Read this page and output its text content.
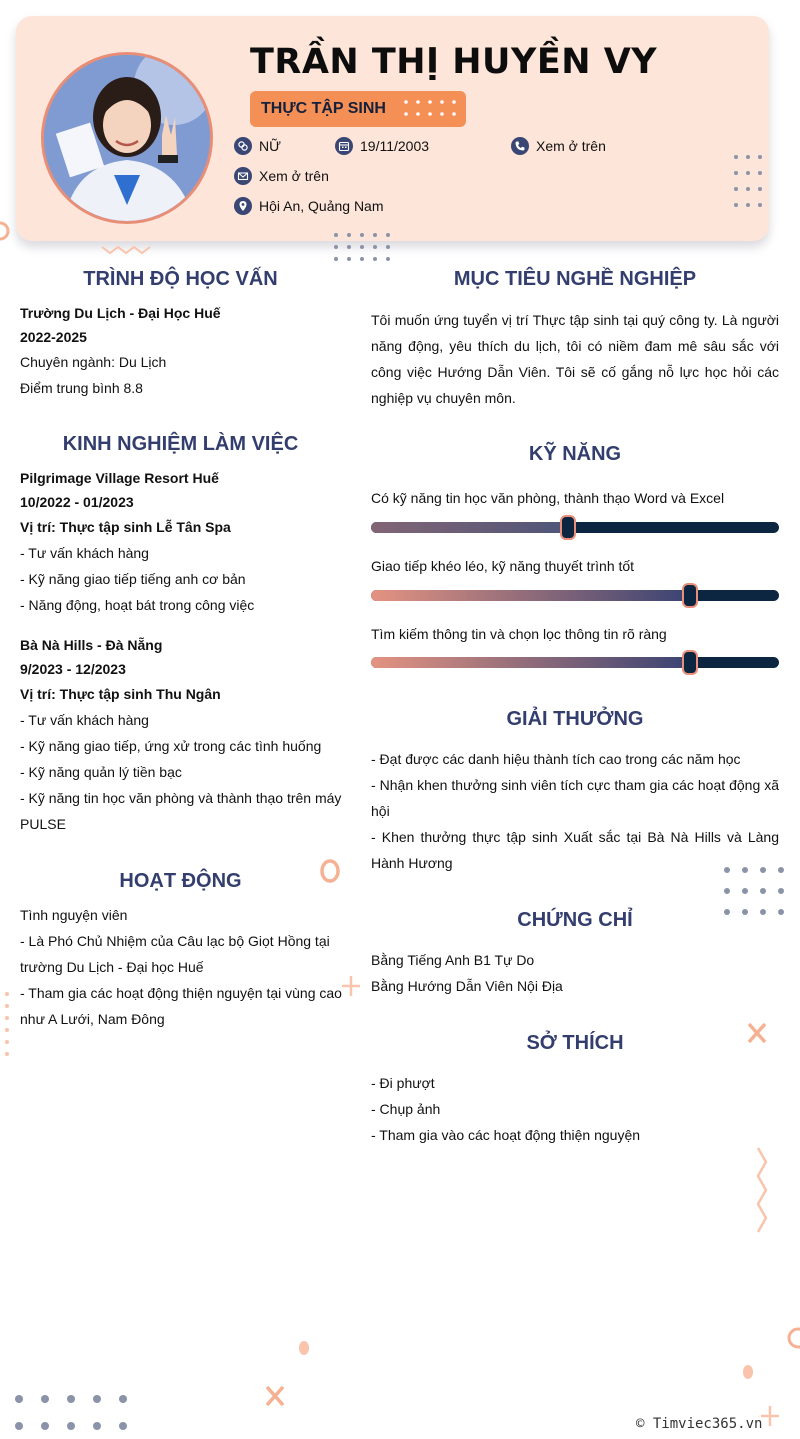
TRẦN THỊ HUYỀN VY
THỰC TẬP SINH
NỮ	19/11/2003	Xem ở trên
Xem ở trên
Hội An, Quảng Nam
TRÌNH ĐỘ HỌC VẤN
Trường Du Lịch - Đại Học Huế
2022-2025
Chuyên ngành: Du Lịch
Điểm trung bình 8.8
KINH NGHIỆM LÀM VIỆC
Pilgrimage Village Resort Huế
10/2022 - 01/2023
Vị trí: Thực tập sinh Lễ Tân Spa
- Tư vấn khách hàng
- Kỹ năng giao tiếp tiếng anh cơ bản
- Năng động, hoạt bát trong công việc
Bà Nà Hills - Đà Nẵng
9/2023 - 12/2023
Vị trí: Thực tập sinh Thu Ngân
- Tư vấn khách hàng
- Kỹ năng giao tiếp, ứng xử trong các tình huống
- Kỹ năng quản lý tiền bạc
- Kỹ năng tin học văn phòng và thành thạo trên máy
PULSE
HOẠT ĐỘNG
Tình nguyện viên
- Là Phó Chủ Nhiệm của Câu lạc bộ Giọt Hồng tại
trường Du Lịch - Đại học Huế
- Tham gia các hoạt động thiện nguyện tại vùng cao
như A Lưới, Nam Đông
MỤC TIÊU NGHỀ NGHIỆP
Tôi muốn ứng tuyển vị trí Thực tập sinh tại quý công ty. Là người năng động, yêu thích du lịch, tôi có niềm đam mê sâu sắc với công việc Hướng Dẫn Viên. Tôi sẽ cố gắng nỗ lực học hỏi các nghiệp vụ chuyên môn.
KỸ NĂNG
Có kỹ năng tin học văn phòng, thành thạo Word và Excel
Giao tiếp khéo léo, kỹ năng thuyết trình tốt
Tìm kiếm thông tin và chọn lọc thông tin rõ ràng
GIẢI THƯỞNG
- Đạt được các danh hiệu thành tích cao trong các năm học
- Nhận khen thưởng sinh viên tích cực tham gia các hoạt động xã hội
- Khen thưởng thực tập sinh Xuất sắc tại Bà Nà Hills và Làng Hành Hương
CHỨNG CHỈ
Bằng Tiếng Anh B1 Tự Do
Bằng Hướng Dẫn Viên Nội Địa
SỞ THÍCH
- Đi phượt
- Chụp ảnh
- Tham gia vào các hoạt động thiện nguyện
© Timviec365.vn
